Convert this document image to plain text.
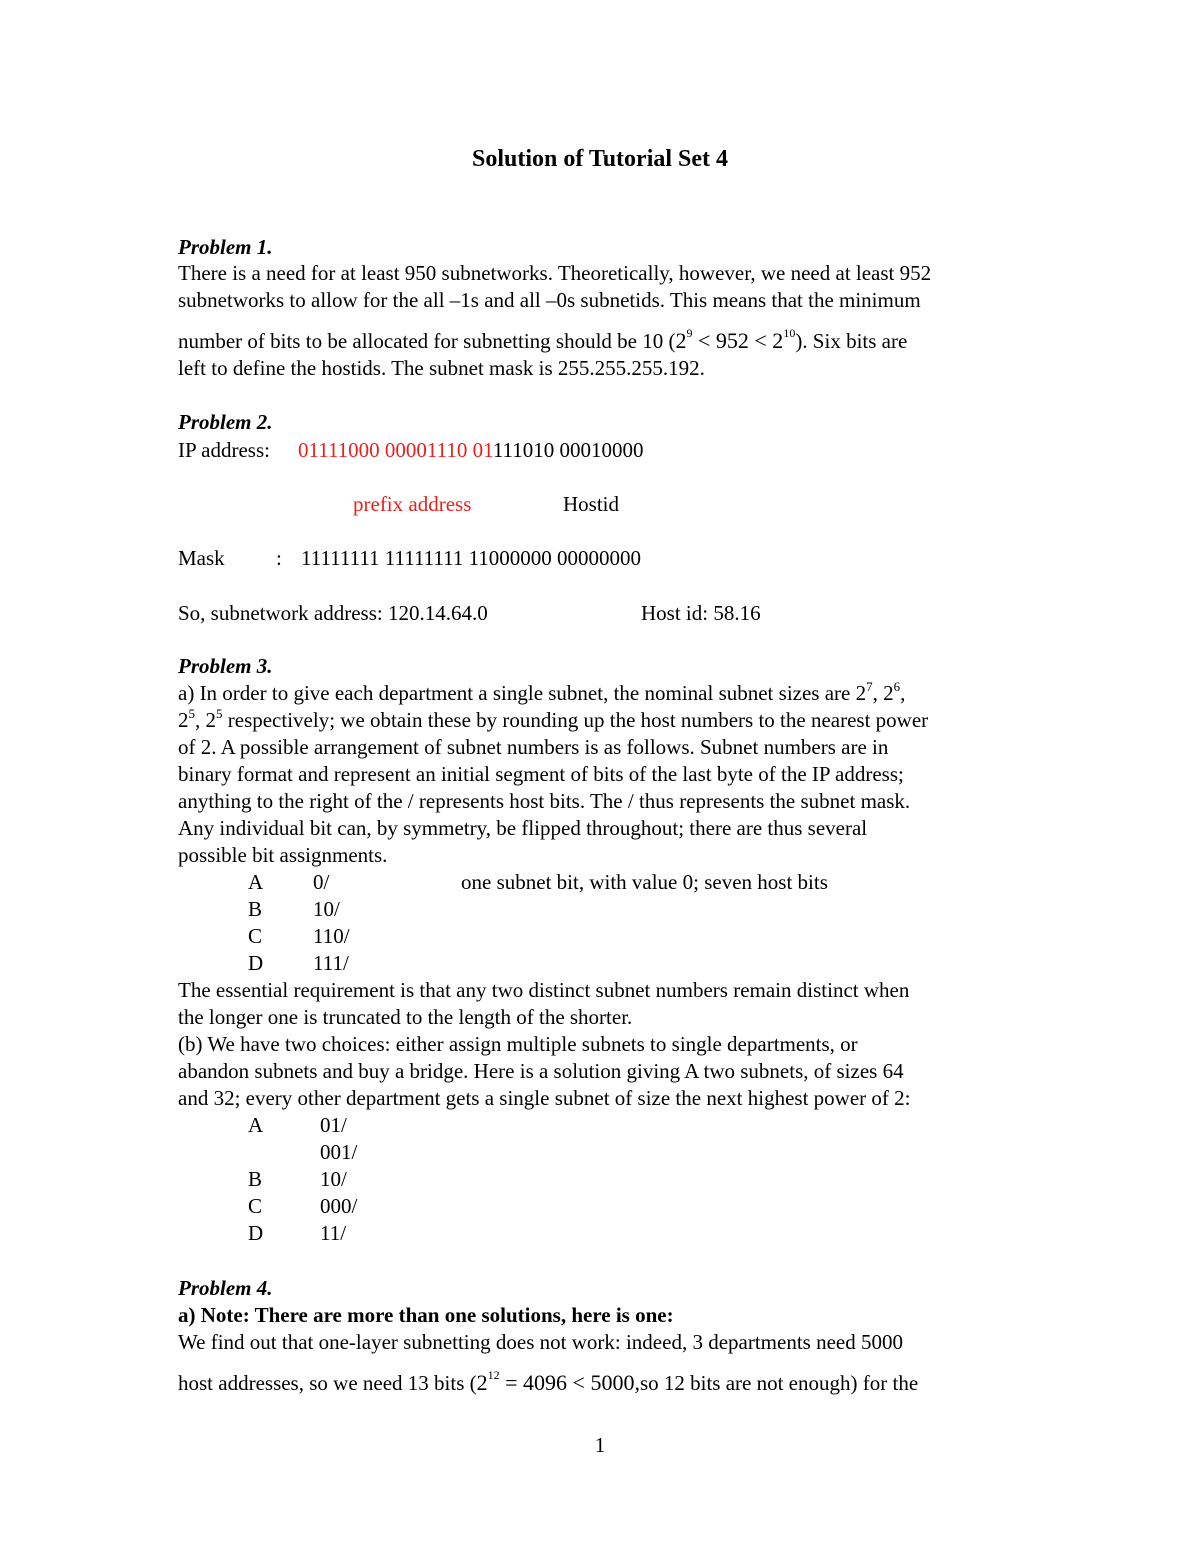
Solution of Tutorial Set 4
Problem 1.
There is a need for at least 950 subnetworks. Theoretically, however, we need at least 952
subnetworks to allow for the all –1s and all –0s subnetids. This means that the minimum
number of bits to be allocated for subnetting should be 10 $(2^9 < 952 < 2^{10})$. Six bits are
left to define the hostids. The subnet mask is 255.255.255.192.
Problem 2.
IP address: 01111000 00001110 01111010 00010000
prefix address	Hostid
Mask : 11111111 11111111 11000000 00000000
So, subnetwork address: 120.14.64.0	Host id: 58.16
Problem 3.
a) In order to give each department a single subnet, the nominal subnet sizes are $2^7$, $2^6$,
$2^5$, $2^5$ respectively; we obtain these by rounding up the host numbers to the nearest power
of 2. A possible arrangement of subnet numbers is as follows. Subnet numbers are in
binary format and represent an initial segment of bits of the last byte of the IP address;
anything to the right of the / represents host bits. The / thus represents the subnet mask.
Any individual bit can, by symmetry, be flipped throughout; there are thus several
possible bit assignments.
A 0/	one subnet bit, with value 0; seven host bits
B 10/
C 110/
D 111/
The essential requirement is that any two distinct subnet numbers remain distinct when
the longer one is truncated to the length of the shorter.
(b) We have two choices: either assign multiple subnets to single departments, or
abandon subnets and buy a bridge. Here is a solution giving A two subnets, of sizes 64
and 32; every other department gets a single subnet of size the next highest power of 2:
A	01/
001/
B	10/
C	000/
D	11/
Problem 4.
a) Note: There are more than one solutions, here is one:
We find out that one-layer subnetting does not work: indeed, 3 departments need 5000
host addresses, so we need 13 bits ($2^{12} = 4096 < 5000,so$ 12 bits are not enough) for the
1
